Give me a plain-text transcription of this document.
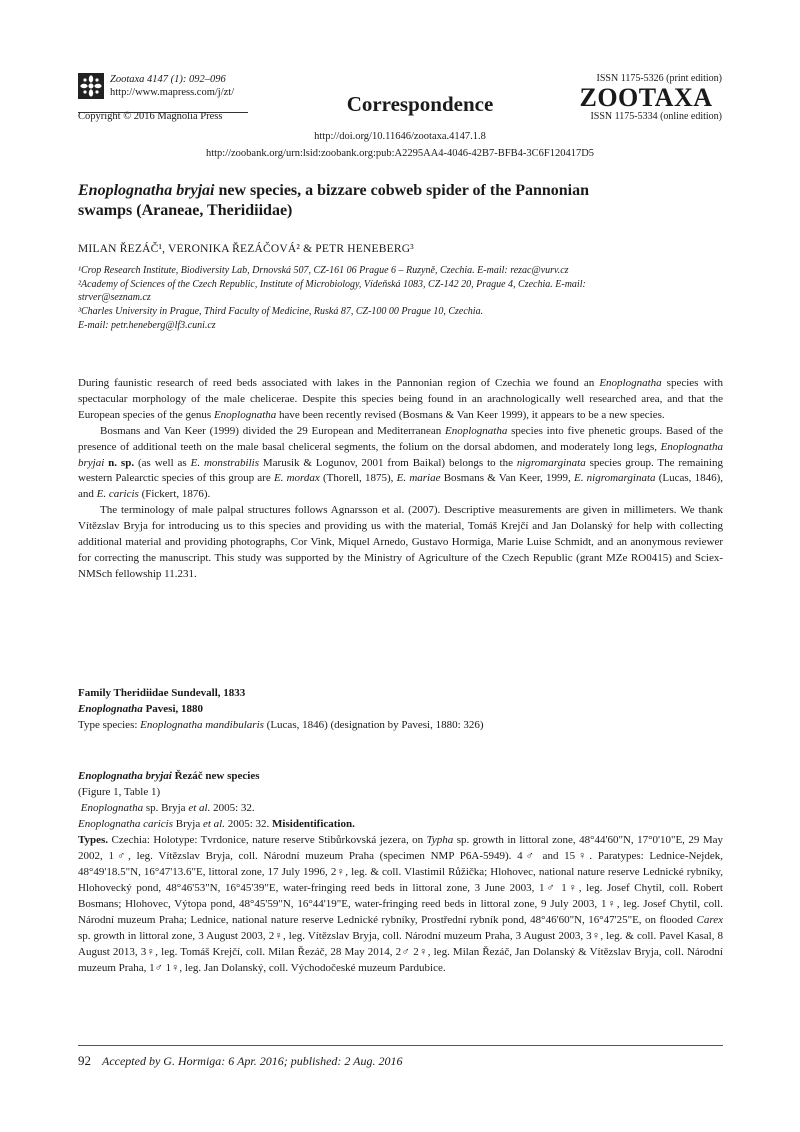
Zootaxa 4147 (1): 092–096
http://www.mapress.com/j/zt/
Copyright © 2016 Magnolia Press
Correspondence
ISSN 1175-5326 (print edition)
ZOOTAXA
ISSN 1175-5334 (online edition)
http://doi.org/10.11646/zootaxa.4147.1.8
http://zoobank.org/urn:lsid:zoobank.org:pub:A2295AA4-4046-42B7-BFB4-3C6F120417D5
Enoplognatha bryjai new species, a bizzare cobweb spider of the Pannonian
swamps (Araneae, Theridiidae)
MILAN ŘEZÁČ¹, VERONIKA ŘEZÁČOVÁ² & PETR HENEBERG³

¹Crop Research Institute, Biodiversity Lab, Drnovská 507, CZ-161 06 Prague 6 – Ruzyně, Czechia. E-mail: rezac@vurv.cz

²Academy of Sciences of the Czech Republic, Institute of Microbiology, Vídeňská 1083, CZ-142 20, Prague 4, Czechia. E-mail:

strver@seznam.cz

³Charles University in Prague, Third Faculty of Medicine, Ruská 87, CZ-100 00 Prague 10, Czechia.

E-mail: petr.heneberg@lf3.cuni.cz

During faunistic research of reed beds associated with lakes in the Pannonian region of Czechia we found an Enoplognatha species with spectacular morphology of the male chelicerae. Despite this species being found in an arachnologically well researched area, and that the European species of the genus Enoplognatha have been recently revised (Bosmans & Van Keer 1999), it appears to be a new species.

Bosmans and Van Keer (1999) divided the 29 European and Mediterranean Enoplognatha species into five phenetic groups. Based of the presence of additional teeth on the male basal cheliceral segments, the folium on the dorsal abdomen, and moderately long legs, Enoplognatha bryjai n. sp. (as well as E. monstrabilis Marusik & Logunov, 2001 from Baikal) belongs to the nigromarginata species group. The remaining western Palearctic species of this group are E. mordax (Thorell, 1875), E. mariae Bosmans & Van Keer, 1999, E. nigromarginata (Lucas, 1846), and E. caricis (Fickert, 1876).

The terminology of male palpal structures follows Agnarsson et al. (2007). Descriptive measurements are given in millimeters. We thank Vítězslav Bryja for introducing us to this species and providing us with the material, Tomáš Krejčí and Jan Dolanský for help with collecting additional material and providing photographs, Cor Vink, Miquel Arnedo, Gustavo Hormiga, Marie Luise Schmidt, and an anonymous reviewer for correcting the manuscript. This study was supported by the Ministry of Agriculture of the Czech Republic (grant MZe RO0415) and Sciex-NMSch fellowship 11.231.

Family Theridiidae Sundevall, 1833

Enoplognatha Pavesi, 1880

Type species: Enoplognatha mandibularis (Lucas, 1846) (designation by Pavesi, 1880: 326)

Enoplognatha bryjai Řezáč new species

(Figure 1, Table 1)

Enoplognatha sp. Bryja et al. 2005: 32.

Enoplognatha caricis Bryja et al. 2005: 32. Misidentification.

Types. Czechia: Holotype: Tvrdonice, nature reserve Stibůrkovská jezera, on Typha sp. growth in littoral zone, 48°44'60"N, 17°0'10"E, 29 May 2002, 1♂, leg. Vítězslav Bryja, coll. Národní muzeum Praha (specimen NMP P6A-5949). 4♂ and 15♀. Paratypes: Lednice-Nejdek, 48°49'18.5"N, 16°47'13.6"E, littoral zone, 17 July 1996, 2♀, leg. & coll. Vlastimil Růžička; Hlohovec, national nature reserve Lednické rybníky, Hlohovecký pond, 48°46'53"N, 16°45'39"E, water-fringing reed beds in littoral zone, 3 June 2003, 1♂ 1♀, leg. Josef Chytil, coll. Robert Bosmans; Hlohovec, Výtopa pond, 48°45'59"N, 16°44'19"E, water-fringing reed beds in littoral zone, 9 July 2003, 1♀, leg. Josef Chytil, coll. Národní muzeum Praha; Lednice, national nature reserve Lednické rybníky, Prostřední rybník pond, 48°46'60"N, 16°47'25"E, on flooded Carex sp. growth in littoral zone, 3 August 2003, 2♀, leg. Vítězslav Bryja, coll. Národní muzeum Praha, 3 August 2003, 3♀, leg. & coll. Pavel Kasal, 8 August 2013, 3♀, leg. Tomáš Krejčí, coll. Milan Řezáč, 28 May 2014, 2♂ 2♀, leg. Milan Řezáč, Jan Dolanský & Vítězslav Bryja, coll. Národní muzeum Praha, 1♂ 1♀, leg. Jan Dolanský, coll. Východočeské muzeum Pardubice.

92 Accepted by G. Hormiga: 6 Apr. 2016; published: 2 Aug. 2016
